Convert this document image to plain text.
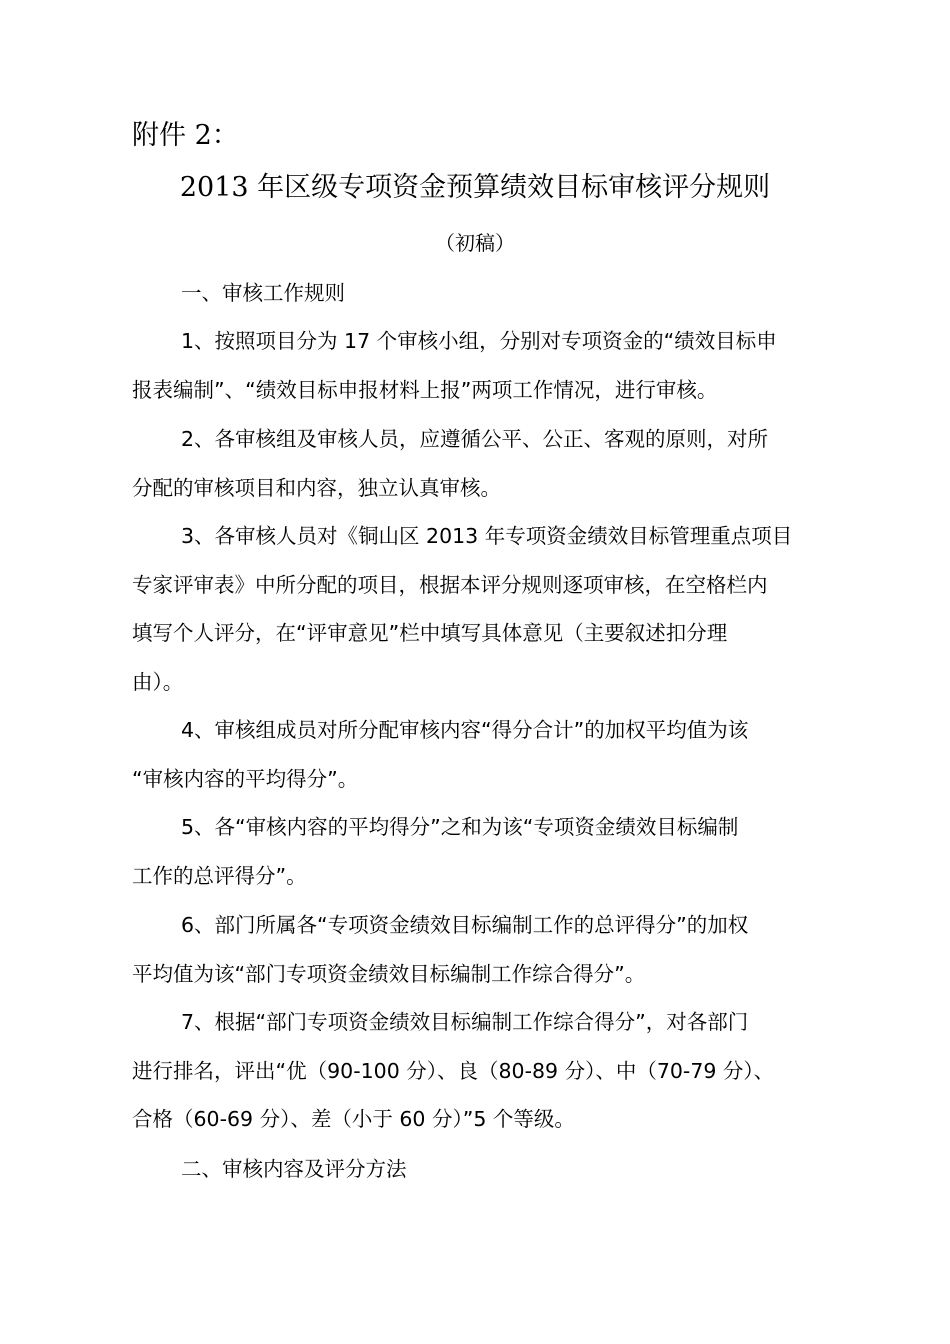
附件 2：
2013 年区级专项资金预算绩效目标审核评分规则
（初稿）
一、审核工作规则
1、按照项目分为 17 个审核小组，分别对专项资金的“绩效目标申
报表编制”、“绩效目标申报材料上报”两项工作情况，进行审核。
2、各审核组及审核人员，应遵循公平、公正、客观的原则，对所
分配的审核项目和内容，独立认真审核。
3、各审核人员对《铜山区 2013 年专项资金绩效目标管理重点项目
专家评审表》中所分配的项目，根据本评分规则逐项审核，在空格栏内
填写个人评分，在“评审意见”栏中填写具体意见（主要叙述扣分理
由）。
4、审核组成员对所分配审核内容“得分合计”的加权平均值为该
“审核内容的平均得分”。
5、各“审核内容的平均得分”之和为该“专项资金绩效目标编制
工作的总评得分”。
6、部门所属各“专项资金绩效目标编制工作的总评得分”的加权
平均值为该“部门专项资金绩效目标编制工作综合得分”。
7、根据“部门专项资金绩效目标编制工作综合得分”，对各部门
进行排名，评出“优（90-100 分）、良（80-89 分）、中（70-79 分）、
合格（60-69 分）、差（小于 60 分）”5 个等级。
二、审核内容及评分方法
